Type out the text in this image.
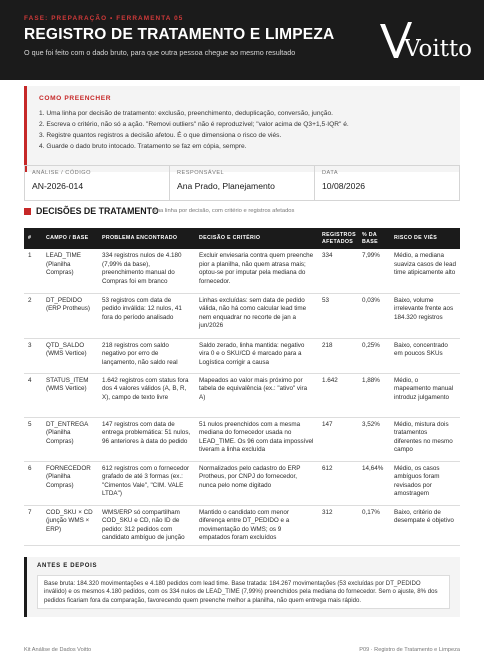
FASE: PREPARAÇÃO • FERRAMENTA 05
REGISTRO DE TRATAMENTO E LIMPEZA
O que foi feito com o dado bruto, para que outra pessoa chegue ao mesmo resultado	Voitto
COMO PREENCHER
1. Uma linha por decisão de tratamento: exclusão, preenchimento, deduplicação, conversão, junção.
2. Escreva o critério, não só a ação. "Removi outliers" não é reproduzível; "valor acima de Q3+1,5·IQR" é.
3. Registre quantos registros a decisão afetou. É o que dimensiona o risco de viés.
4. Guarde o dado bruto intocado. Tratamento se faz em cópia, sempre.
ANÁLISE / CÓDIGO
AN-2026-014
RESPONSÁVEL
Ana Prado, Planejamento
DATA
10/08/2026
DECISÕES DE TRATAMENTO
uma linha por decisão, com critério e registros afetados
#	CAMPO / BASE	PROBLEMA ENCONTRADO	DECISÃO E CRITÉRIO	REGISTROS AFETADOS	% DA BASE	RISCO DE VIÉS
1	LEAD_TIME (Planilha Compras)	334 registros nulos de 4.180 (7,99% da base), preenchimento manual do Compras foi em branco	Excluir enviesaria contra quem preenche pior a planilha, não quem atrasa mais; optou-se por imputar pela mediana do fornecedor.	334	7,99%	Médio, a mediana suaviza casos de lead time atipicamente alto
2	DT_PEDIDO (ERP Protheus)	53 registros com data de pedido inválida: 12 nulos, 41 fora do período analisado	Linhas excluídas: sem data de pedido válida, não há como calcular lead time nem enquadrar no recorte de jan a jun/2026	53	0,03%	Baixo, volume irrelevante frente aos 184.320 registros
3	QTD_SALDO (WMS Vertice)	218 registros com saldo negativo por erro de lançamento, não saldo real	Saldo zerado, linha mantida: negativo vira 0 e o SKU/CD é marcado para a Logística corrigir a causa	218	0,25%	Baixo, concentrado em poucos SKUs
4	STATUS_ITEM (WMS Vertice)	1.642 registros com status fora dos 4 valores válidos (A, B, R, X), campo de texto livre	Mapeados ao valor mais próximo por tabela de equivalência (ex.: "ativo" vira A)	1.642	1,88%	Médio, o mapeamento manual introduz julgamento
5	DT_ENTREGA (Planilha Compras)	147 registros com data de entrega problemática: 51 nulos, 96 anteriores à data do pedido	51 nulos preenchidos com a mesma mediana do fornecedor usada no LEAD_TIME. Os 96 com data impossível tiveram a linha excluída	147	3,52%	Médio, mistura dois tratamentos diferentes no mesmo campo
6	FORNECEDOR (Planilha Compras)	612 registros com o fornecedor grafado de até 3 formas (ex.: "Cimentos Vale", "CIM. VALE LTDA")	Normalizados pelo cadastro do ERP Protheus, por CNPJ do fornecedor, nunca pelo nome digitado	612	14,64%	Médio, os casos ambíguos foram revisados por amostragem
7	COD_SKU × CD (junção WMS × ERP)	WMS/ERP só compartilham COD_SKU e CD, não ID de pedido: 312 pedidos com candidato ambíguo de junção	Mantido o candidato com menor diferença entre DT_PEDIDO e a movimentação do WMS; os 9 empatados foram excluídos	312	0,17%	Baixo, critério de desempate é objetivo
ANTES E DEPOIS
Base bruta: 184.320 movimentações e 4.180 pedidos com lead time. Base tratada: 184.267 movimentações (53 excluídas por DT_PEDIDO inválido) e os mesmos 4.180 pedidos, com os 334 nulos de LEAD_TIME (7,99%) preenchidos pela mediana do fornecedor. Sem o ajuste, 8% dos pedidos ficariam fora da comparação, favorecendo quem preenche melhor a planilha, não quem entrega mais rápido.
Kit Análise de Dados Voitto	P09 · Registro de Tratamento e Limpeza
